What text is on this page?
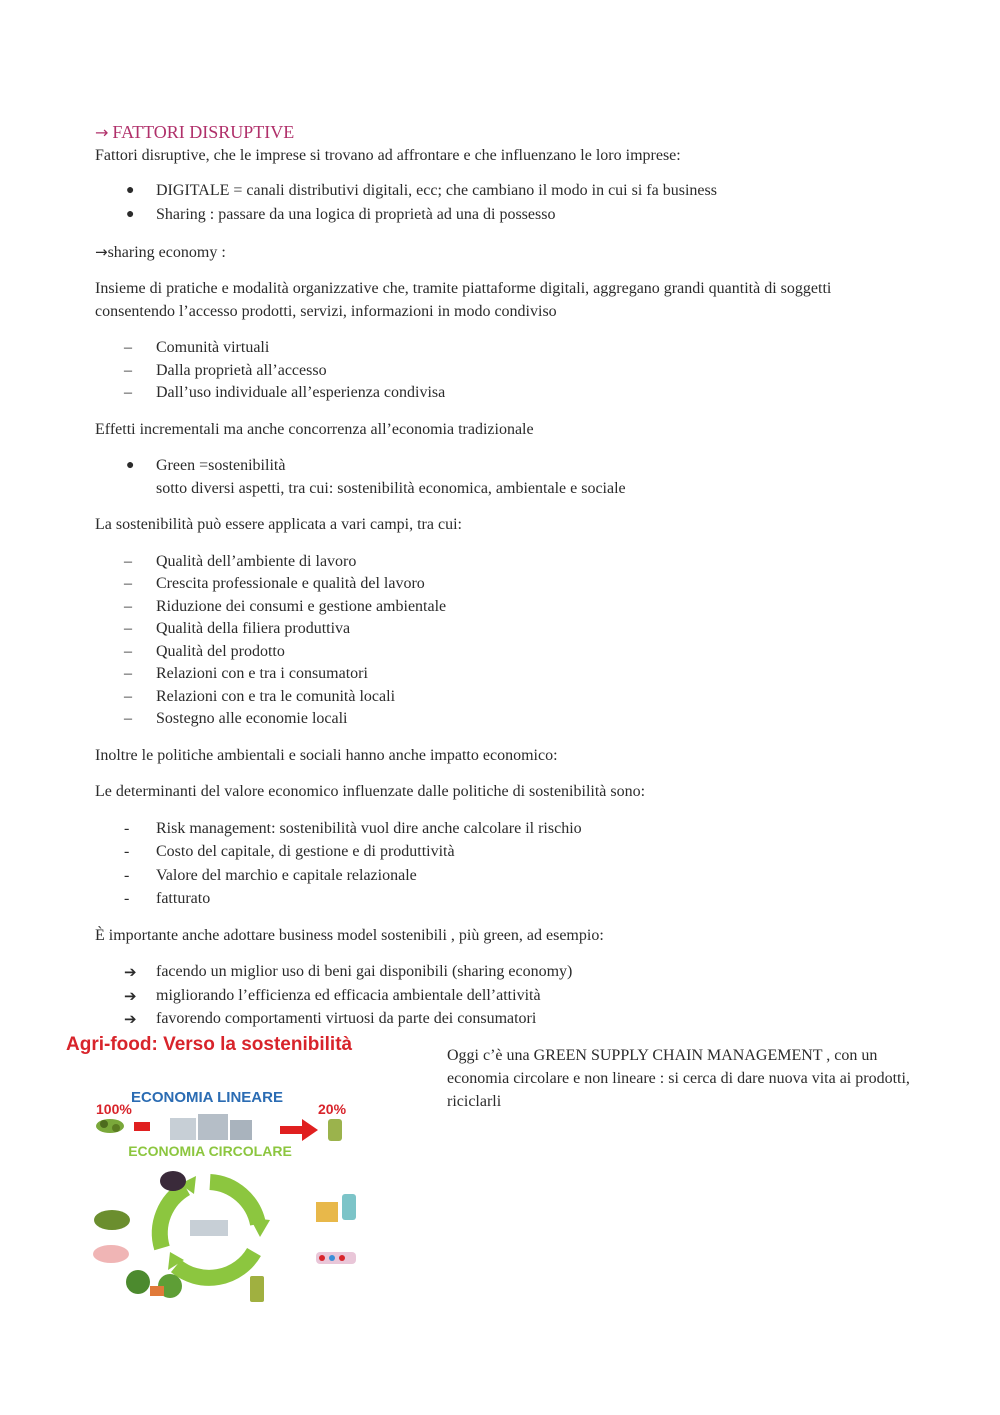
→ FATTORI DISRUPTIVE

Fattori disruptive, che le imprese si trovano ad affrontare e che influenzano le loro imprese:

● DIGITALE = canali distributivi digitali, ecc; che cambiano il modo in cui si fa business
● Sharing : passare da una logica di proprietà ad una di possesso

→sharing economy :

Insieme di pratiche e modalità organizzative che, tramite piattaforme digitali, aggregano grandi quantità di soggetti consentendo l’accesso prodotti, servizi, informazioni in modo condiviso

– Comunità virtuali
– Dalla proprietà all’accesso
– Dall’uso individuale all’esperienza condivisa

Effetti incrementali ma anche concorrenza all’economia tradizionale

● Green =sostenibilità
sotto diversi aspetti, tra cui: sostenibilità economica, ambientale e sociale

La sostenibilità può essere applicata a vari campi, tra cui:

– Qualità dell’ambiente di lavoro
– Crescita professionale e qualità del lavoro
– Riduzione dei consumi e gestione ambientale
– Qualità della filiera produttiva
– Qualità del prodotto
– Relazioni con e tra i consumatori
– Relazioni con e tra le comunità locali
– Sostegno alle economie locali

Inoltre le politiche ambientali e sociali hanno anche impatto economico:

Le determinanti del valore economico influenzate dalle politiche di sostenibilità sono:

- Risk management: sostenibilità vuol dire anche calcolare il rischio
- Costo del capitale, di gestione e di produttività
- Valore del marchio e capitale relazionale
- fatturato

È importante anche adottare business model sostenibili , più green, ad esempio:

➔ facendo un miglior uso di beni gai disponibili (sharing economy)
➔ migliorando l’efficienza ed efficacia ambientale dell’attività
➔ favorendo comportamenti virtuosi da parte dei consumatori
Agri-food: Verso la sostenibilità
ECONOMIA LINEARE
100%	20%
ECONOMIA CIRCOLARE
Oggi c’è una GREEN SUPPLY CHAIN MANAGEMENT , con un economia circolare e non lineare : si cerca di dare nuova vita ai prodotti, riciclarli
